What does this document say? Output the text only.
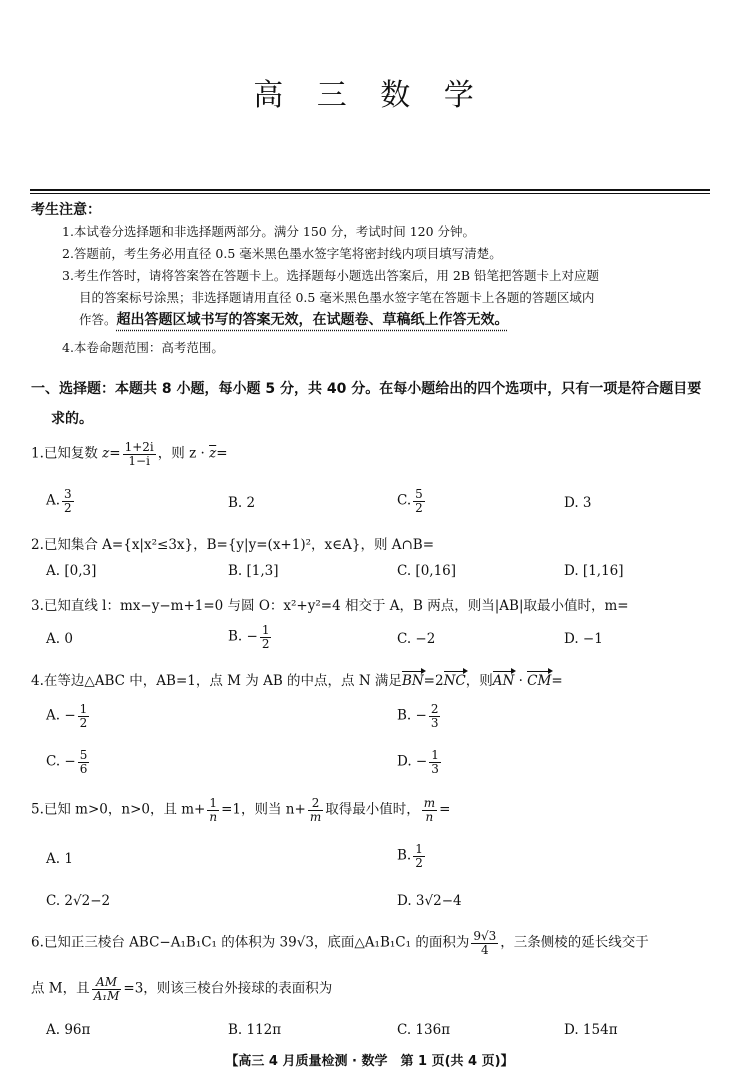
高 三 数 学
考生注意：
1.本试卷分选择题和非选择题两部分。满分 150 分，考试时间 120 分钟。
2.答题前，考生务必用直径 0.5 毫米黑色墨水签字笔将密封线内项目填写清楚。
3.考生作答时，请将答案答在答题卡上。选择题每小题选出答案后，用 2B 铅笔把答题卡上对应题
目的答案标号涂黑；非选择题请用直径 0.5 毫米黑色墨水签字笔在答题卡上各题的答题区域内
作答。超出答题区域书写的答案无效，在试题卷、草稿纸上作答无效。
4.本卷命题范围：高考范围。
一、选择题：本题共 8 小题，每小题 5 分，共 40 分。在每小题给出的四个选项中，只有一项是符合题目要
求的。
1.已知复数 $z= \frac{1+2i}{1-i}$ ，则 $z \cdot \overline{z}=$
A. $\frac{3}{2}$	B. 2	C. $\frac{5}{2}$	D. 3
2.已知集合 A={x|x²≤3x}，B={y|y=(x+1)²，x∈A}，则 A∩B=
A. [0,3]	B. [1,3]	C. [0,16]	D. [1,16]
3.已知直线 l：mx−y−m+1=0 与圆 O：x²+y²=4 相交于 A，B 两点，则当|AB|取最小值时，m=
A. 0	B. − $\frac{1}{2}$	C. −2	D. −1
4.在等边△ABC 中，AB=1，点 M 为 AB 的中点，点 N 满足BN=2NC，则AN · CM=
A. − $\frac{1}{2}$	B. − $\frac{2}{3}$
C. − $\frac{5}{6}$	D. − $\frac{1}{3}$
5.已知 m>0，n>0，且 $m+ \frac{1}{n} =1$，则当 $n+ \frac{2}{m}$ 取得最小值时， $\frac{m}{n}$ =
A. 1	B. $\frac{1}{2}$
C. 2√2−2	D. 3√2−4
6.已知正三棱台 ABC−A₁B₁C₁ 的体积为 39√3，底面△A₁B₁C₁ 的面积为 $\frac{9√3}{4}$ ，三条侧棱的延长线交于
点 M，且 $\frac{AM}{\text{A₁M}} =3$，则该三棱台外接球的表面积为
A. 96π	B. 112π	C. 136π	D. 154π
【高三 4 月质量检测 · 数学　第 1 页(共 4 页)】
